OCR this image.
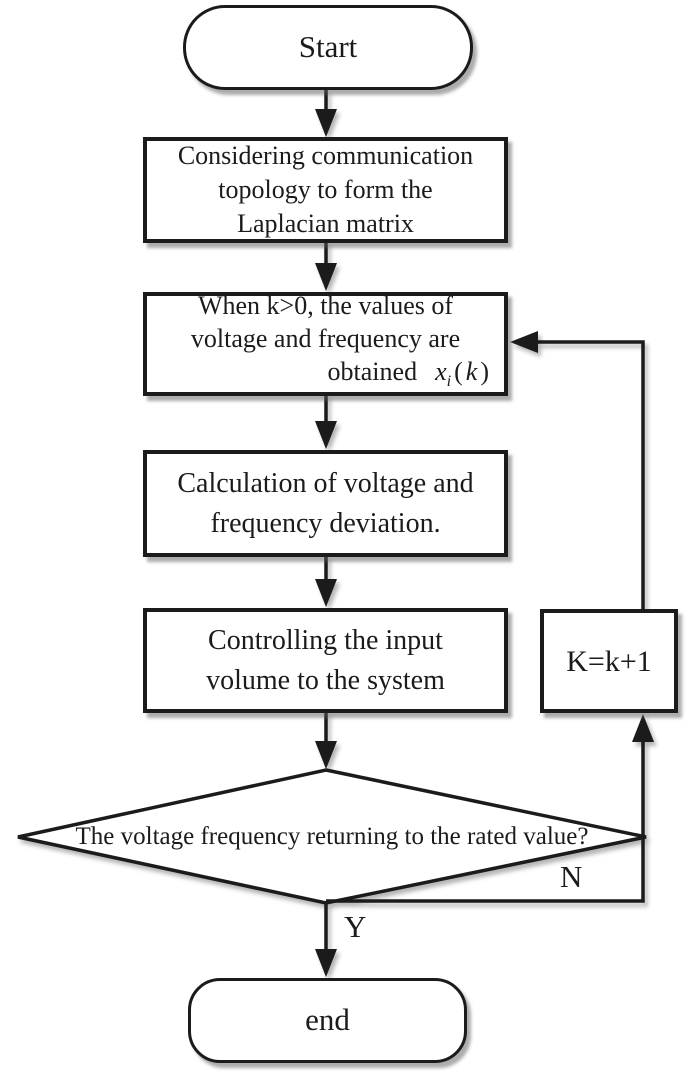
Start
Considering communication
topology to form the
Laplacian matrix
When k>0, the values of
voltage and frequency are
obtained $x_i$ ( k )
Calculation of voltage and
frequency deviation.
Controlling the input
volume to the system
K=k+1
The voltage frequency returning to the rated value?
N
Y
end
